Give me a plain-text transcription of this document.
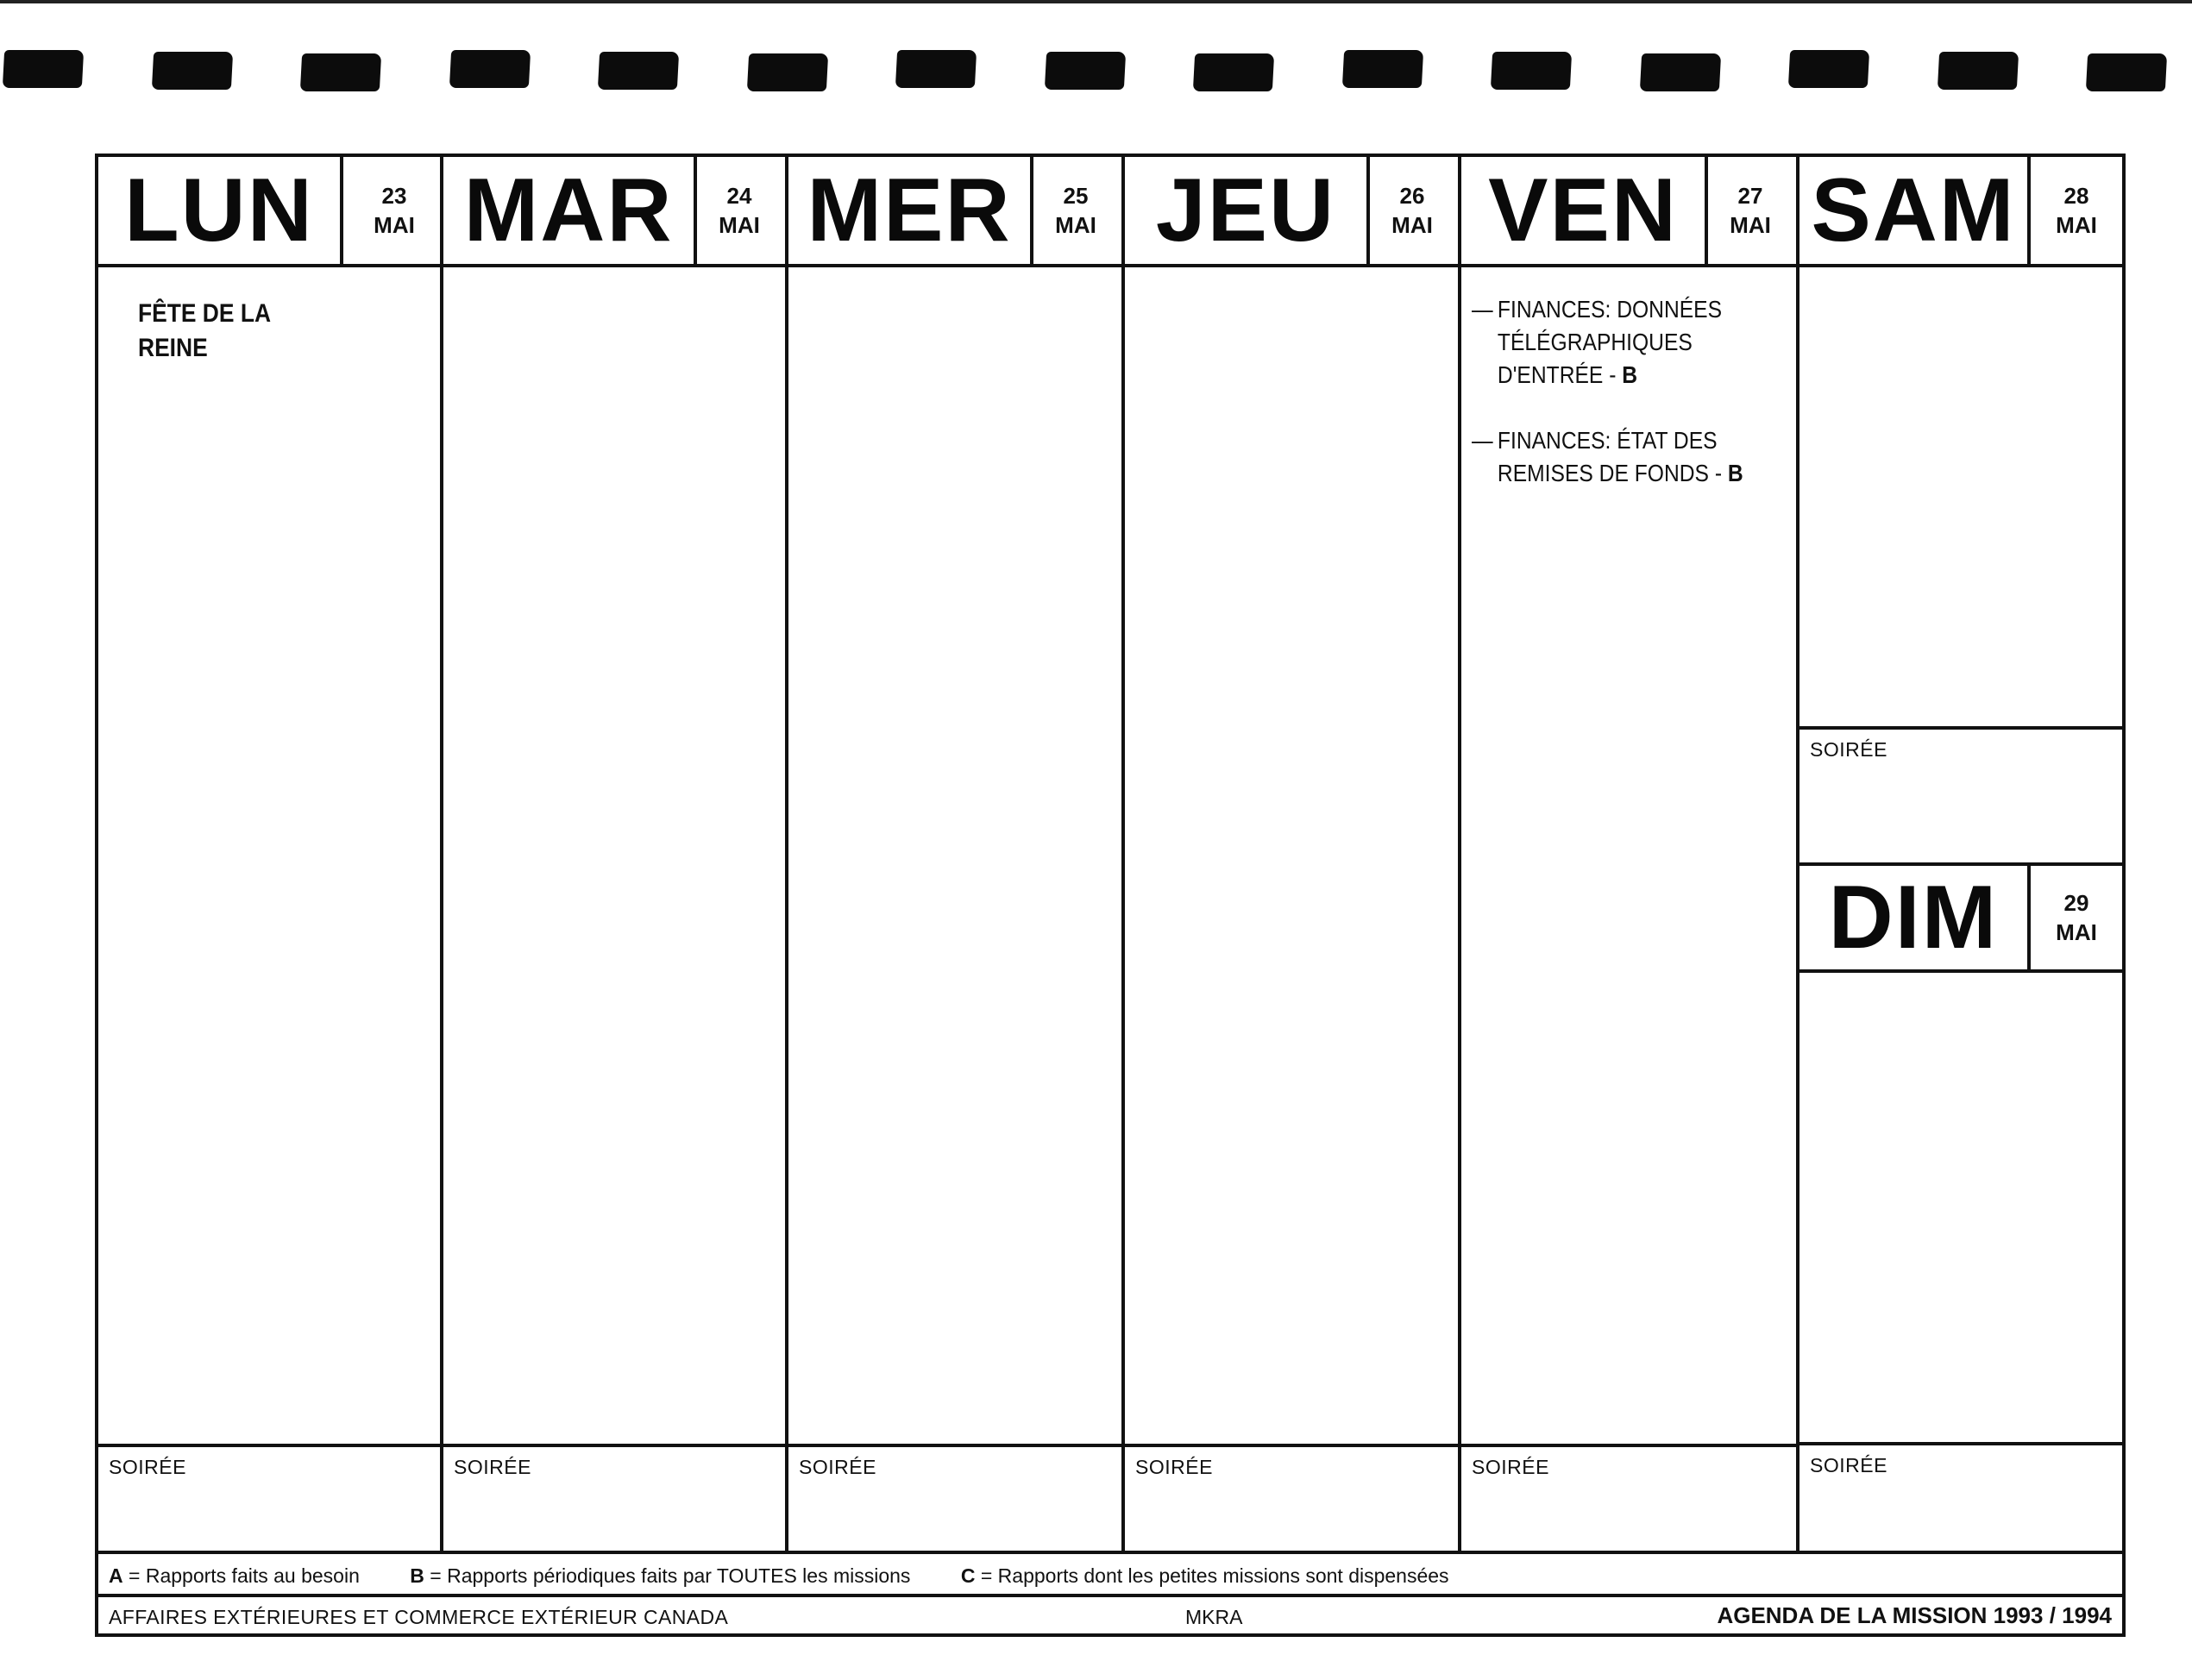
LUN	23
MAI
FÊTE DE LA
REINE
SOIRÉE
MAR	24
MAI
SOIRÉE
MER	25
MAI
SOIRÉE
JEU	26
MAI
SOIRÉE
VEN	27
MAI
— FINANCES: DONNÉES
TÉLÉGRAPHIQUES
D'ENTRÉE - B
— FINANCES: ÉTAT DES
REMISES DE FONDS - B
SOIRÉE
SAM	28
MAI
SOIRÉE
DIM	29
MAI
SOIRÉE
A = Rapports faits au besoin	B = Rapports périodiques faits par TOUTES les missions	C = Rapports dont les petites missions sont dispensées
AFFAIRES EXTÉRIEURES ET COMMERCE EXTÉRIEUR CANADA	MKRA	AGENDA DE LA MISSION 1993 / 1994
